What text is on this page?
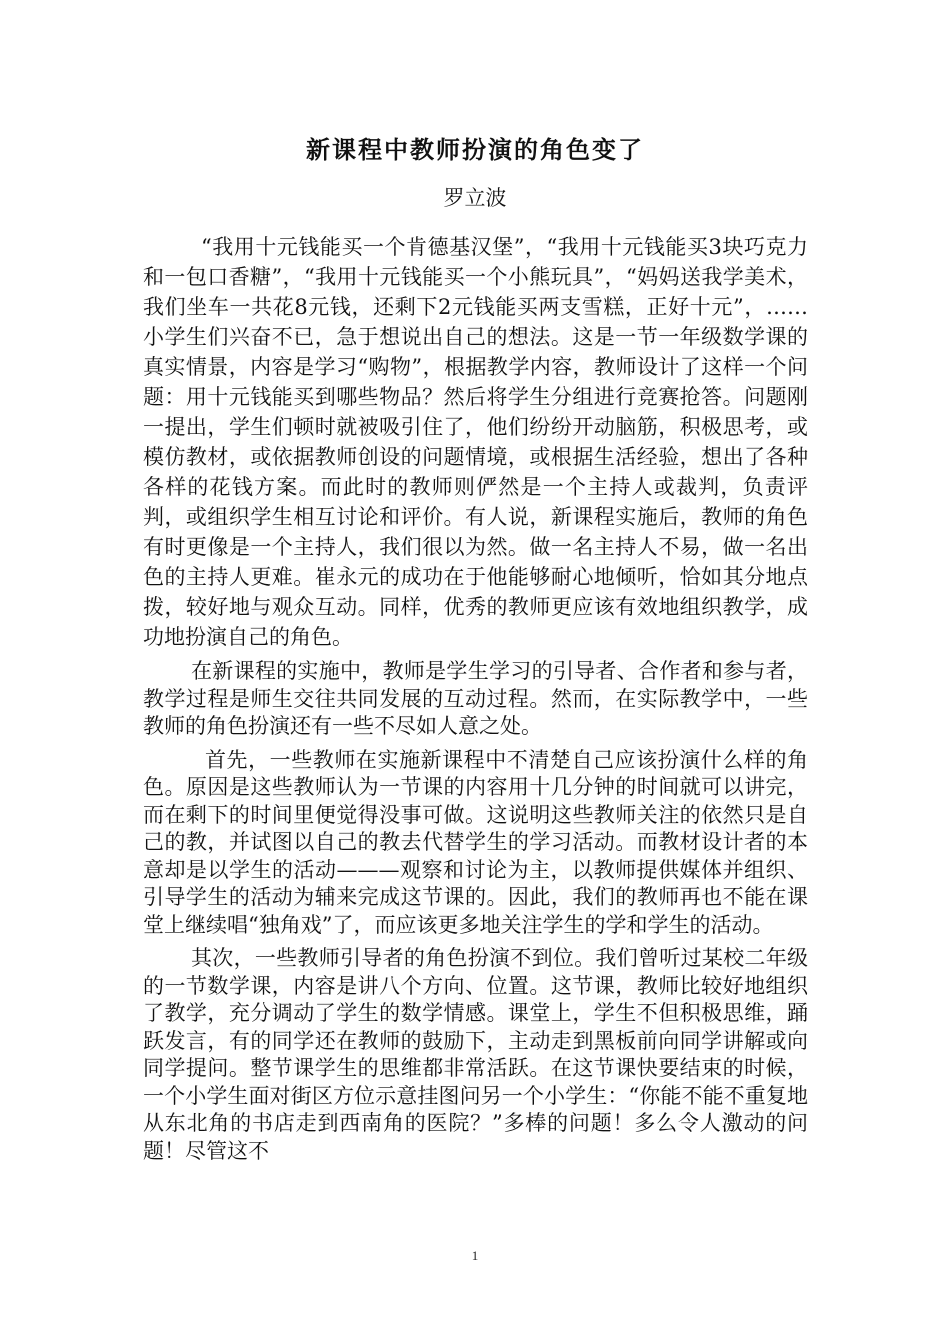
新课程中教师扮演的角色变了
罗立波

“我用十元钱能买一个肯德基汉堡”，“我用十元钱能买3块巧克力和一包口香糖”，“我用十元钱能买一个小熊玩具”，“妈妈送我学美术，我们坐车一共花8元钱，还剩下2元钱能买两支雪糕，正好十元”，……小学生们兴奋不已，急于想说出自己的想法。这是一节一年级数学课的真实情景，内容是学习“购物”，根据教学内容，教师设计了这样一个问题：用十元钱能买到哪些物品？然后将学生分组进行竞赛抢答。问题刚一提出，学生们顿时就被吸引住了，他们纷纷开动脑筋，积极思考，或模仿教材，或依据教师创设的问题情境，或根据生活经验，想出了各种各样的花钱方案。而此时的教师则俨然是一个主持人或裁判，负责评判，或组织学生相互讨论和评价。有人说，新课程实施后，教师的角色有时更像是一个主持人，我们很以为然。做一名主持人不易，做一名出色的主持人更难。崔永元的成功在于他能够耐心地倾听，恰如其分地点拨，较好地与观众互动。同样，优秀的教师更应该有效地组织教学，成功地扮演自己的角色。

在新课程的实施中，教师是学生学习的引导者、合作者和参与者，教学过程是师生交往共同发展的互动过程。然而，在实际教学中，一些教师的角色扮演还有一些不尽如人意之处。

首先，一些教师在实施新课程中不清楚自己应该扮演什么样的角色。原因是这些教师认为一节课的内容用十几分钟的时间就可以讲完，而在剩下的时间里便觉得没事可做。这说明这些教师关注的依然只是自己的教，并试图以自己的教去代替学生的学习活动。而教材设计者的本意却是以学生的活动———观察和讨论为主，以教师提供媒体并组织、引导学生的活动为辅来完成这节课的。因此，我们的教师再也不能在课堂上继续唱“独角戏”了，而应该更多地关注学生的学和学生的活动。

其次，一些教师引导者的角色扮演不到位。我们曾听过某校二年级的一节数学课，内容是讲八个方向、位置。这节课，教师比较好地组织了教学，充分调动了学生的数学情感。课堂上，学生不但积极思维，踊跃发言，有的同学还在教师的鼓励下，主动走到黑板前向同学讲解或向同学提问。整节课学生的思维都非常活跃。在这节课快要结束的时候，一个小学生面对街区方位示意挂图问另一个小学生：“你能不能不重复地从东北角的书店走到西南角的医院？”多棒的问题！多么令人激动的问题！尽管这不

1
